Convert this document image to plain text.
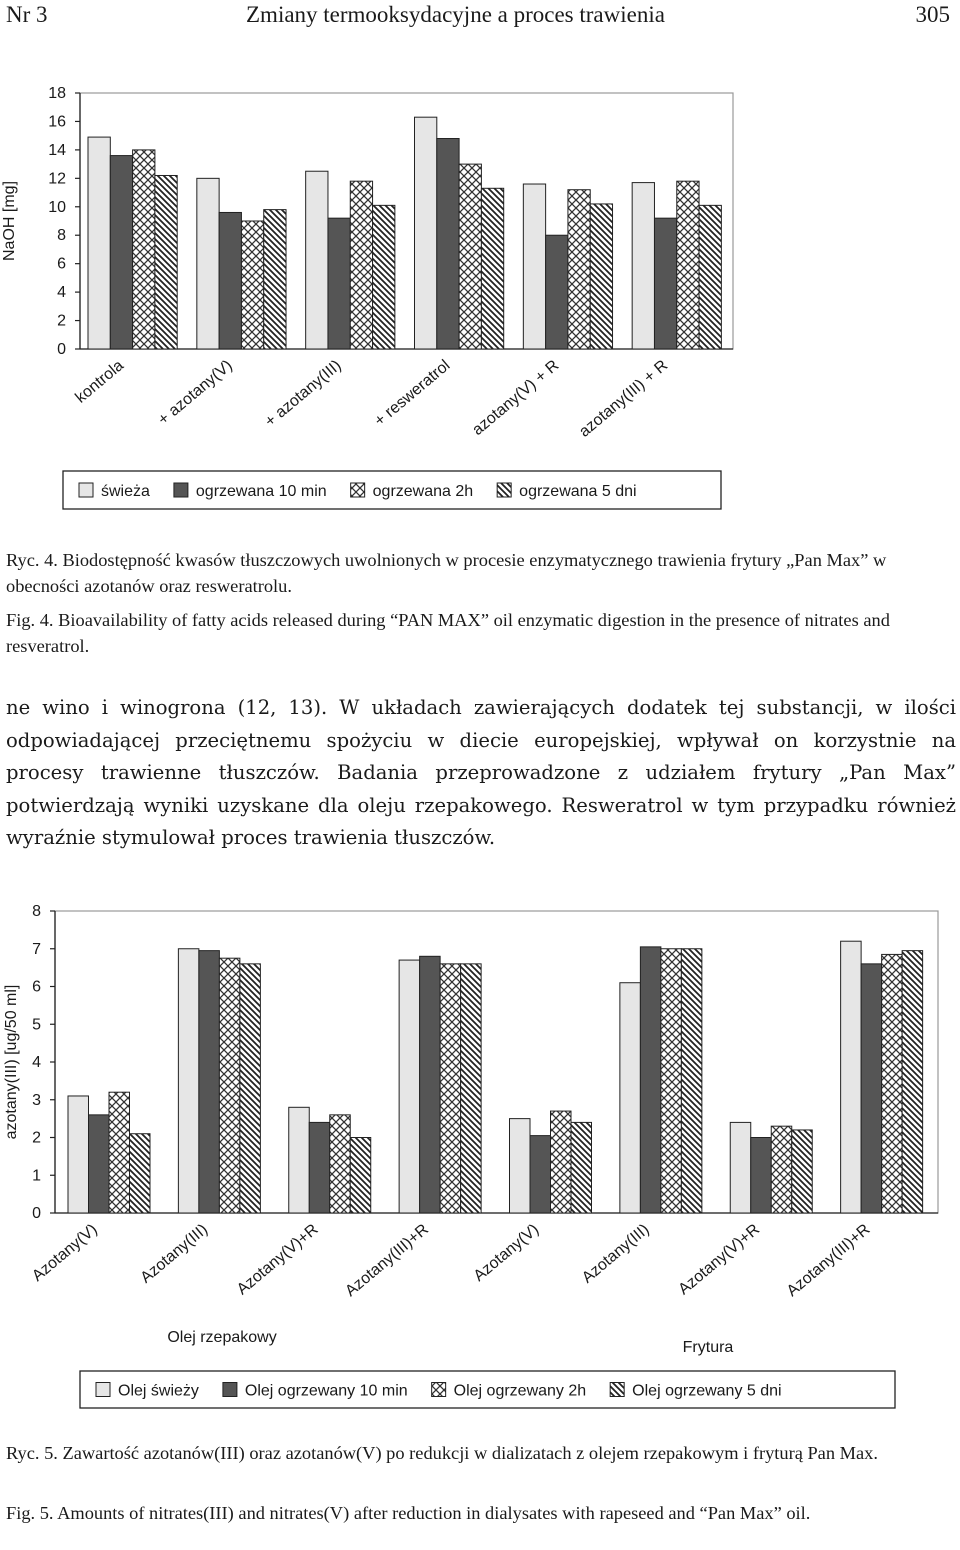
Nr 3	Zmiany termooksydacyjne a proces trawienia	305
0
2
4
6
8
10
12
14
16
18
NaOH [mg]
kontrola + azotany(V) + azotany(III) + resweratrol azotany(V) + R azotany(III) + R
świeża	ogrzewana 10 min	ogrzewana 2h	ogrzewana 5 dni

Ryc. 4. Biodostępność kwasów tłuszczowych uwolnionych w procesie enzymatycznego trawienia frytury „Pan Max” w obecności azotanów oraz resweratrolu.

Fig. 4. Bioavailability of fatty acids released during “PAN MAX” oil enzymatic digestion in the presence of nitrates and resveratrol.

ne wino i winogrona (12, 13). W układach zawierających dodatek tej substancji, w ilości odpowiadającej przeciętnemu spożyciu w diecie europejskiej, wpływał on korzystnie na procesy trawienne tłuszczów. Badania przeprowadzone z udziałem frytury „Pan Max” potwierdzają wyniki uzyskane dla oleju rzepakowego. Resweratrol w tym przypadku również wyraźnie stymulował proces trawienia tłuszczów.

0
1
2
3
4
5
6
7
8
azotany(III) [ug/50 ml]
Azotany(V) Azotany(III) Azotany(V)+R Azotany(III)+R Azotany(V) Azotany(III) Azotany(V)+R Azotany(III)+R
Olej rzepakowy
Frytura
Olej świeży	Olej ogrzewany 10 min	Olej ogrzewany 2h	Olej ogrzewany 5 dni

Ryc. 5. Zawartość azotanów(III) oraz azotanów(V) po redukcji w dializatach z olejem rzepakowym i fryturą Pan Max.

Fig. 5. Amounts of nitrates(III) and nitrates(V) after reduction in dialysates with rapeseed and “Pan Max” oil.
